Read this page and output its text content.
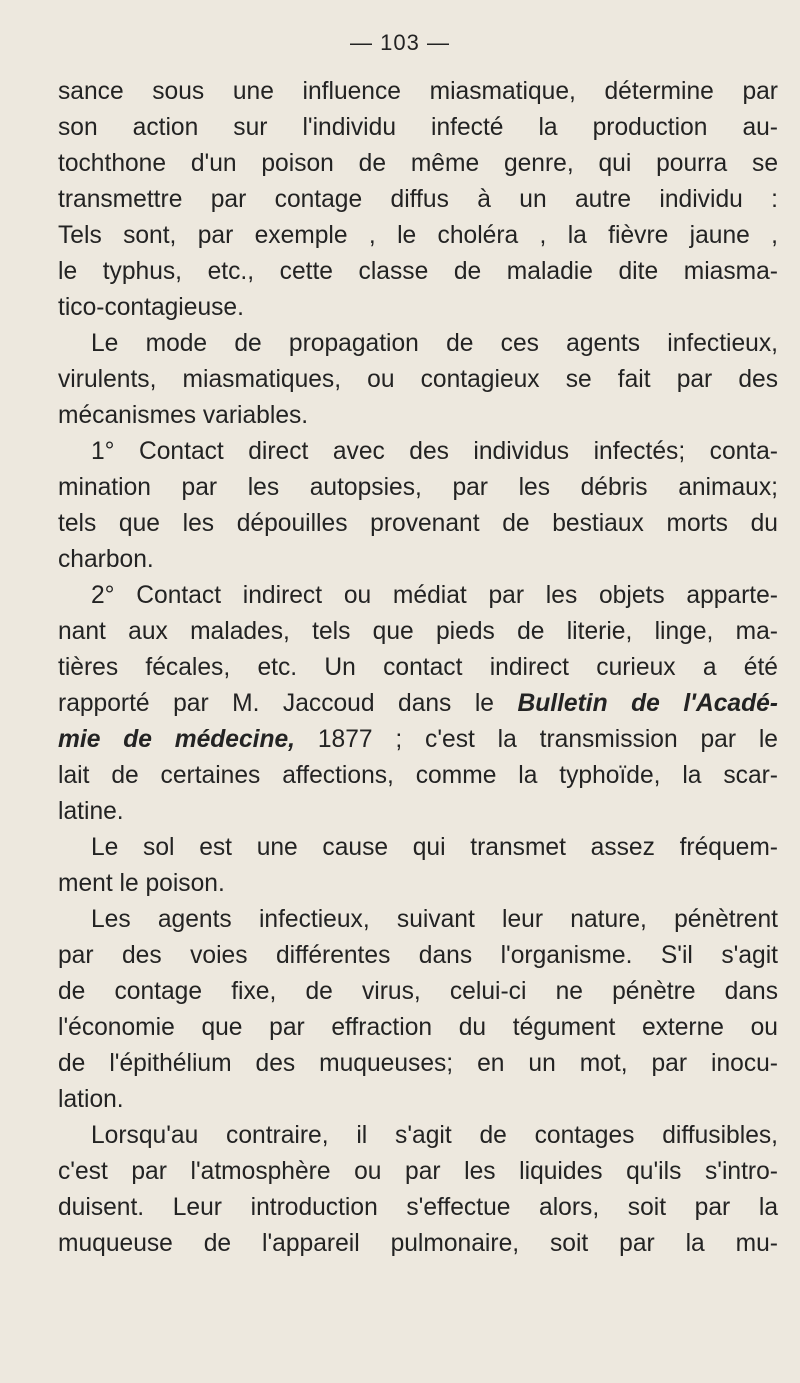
— 103 —
sance sous une influence miasmatique, détermine par
son action sur l'individu infecté la production au-
tochthone d'un poison de même genre, qui pourra se
transmettre par contage diffus à un autre individu :
Tels sont, par exemple , le choléra , la fièvre jaune ,
le typhus, etc., cette classe de maladie dite miasma-
tico-contagieuse.
Le mode de propagation de ces agents infectieux,
virulents, miasmatiques, ou contagieux se fait par des
mécanismes variables.
1° Contact direct avec des individus infectés; conta-
mination par les autopsies, par les débris animaux;
tels que les dépouilles provenant de bestiaux morts du
charbon.
2° Contact indirect ou médiat par les objets apparte-
nant aux malades, tels que pieds de literie, linge, ma-
tières fécales, etc. Un contact indirect curieux a été
rapporté par M. Jaccoud dans le Bulletin de l'Acadé-
mie de médecine, 1877 ; c'est la transmission par le
lait de certaines affections, comme la typhoïde, la scar-
latine.
Le sol est une cause qui transmet assez fréquem-
ment le poison.
Les agents infectieux, suivant leur nature, pénètrent
par des voies différentes dans l'organisme. S'il s'agit
de contage fixe, de virus, celui-ci ne pénètre dans
l'économie que par effraction du tégument externe ou
de l'épithélium des muqueuses; en un mot, par inocu-
lation.
Lorsqu'au contraire, il s'agit de contages diffusibles,
c'est par l'atmosphère ou par les liquides qu'ils s'intro-
duisent. Leur introduction s'effectue alors, soit par la
muqueuse de l'appareil pulmonaire, soit par la mu-
